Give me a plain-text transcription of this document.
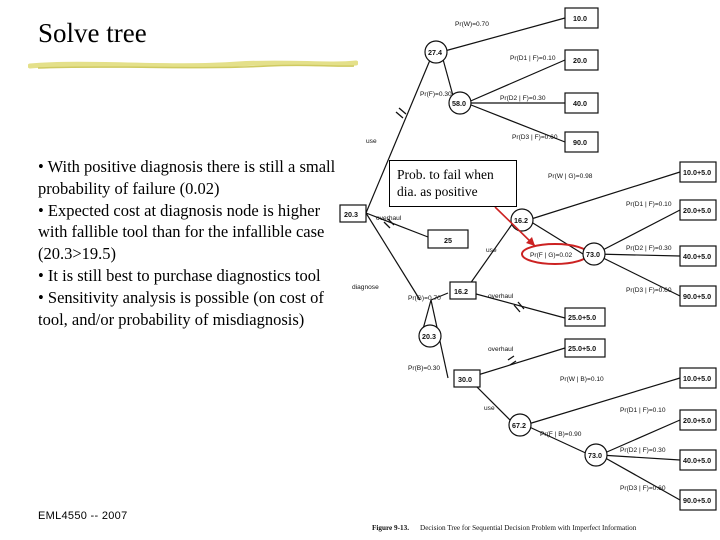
Solve tree
• With positive diagnosis there is still a small probability of failure (0.02)
• Expected cost at diagnosis node is higher with fallible tool than for the infallible case (20.3>19.5)
• It is still best to purchase diagnostics tool
• Sensitivity analysis is possible (on cost of tool, and/or probability of misdiagnosis)
EML4550 -- 2007
20.3
use
27.4
Pr(W)=0.70
Pr(F)=0.30
58.0
Pr(D1 | F)=0.10
Pr(D2 | F)=0.30
Pr(D3 | F)=0.60
10.0
20.0
40.0
90.0
overhaul
25
diagnose
20.3
Pr(G)=0.70
Pr(B)=0.30
16.2
use
overhaul
16.2
Pr(W | G)=0.98
Pr(F | G)=0.02 73.0
Pr(D1 | F)=0.10
Pr(D2 | F)=0.30
Pr(D3 | F)=0.60
10.0+5.0
20.0+5.0
40.0+5.0
90.0+5.0
25.0+5.0
30.0
overhaul
use
25.0+5.0
67.2
Pr(W | B)=0.10
Pr(F | B)=0.90
73.0
Pr(D1 | F)=0.10
Pr(D2 | F)=0.30
Pr(D3 | F)=0.60
10.0+5.0
20.0+5.0
40.0+5.0
90.0+5.0
Figure 9-13. Decision Tree for Sequential Decision Problem with Imperfect Information
Prob. to fail when dia. as positive
